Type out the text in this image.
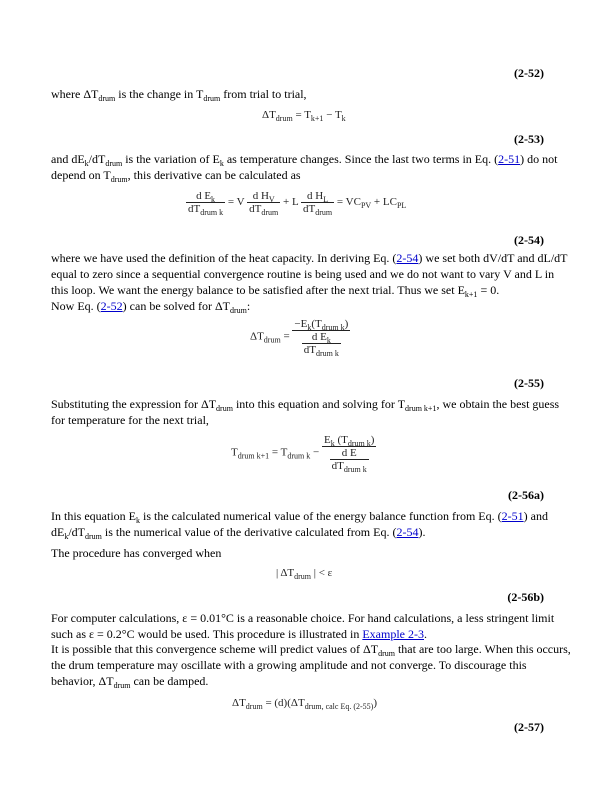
(2-52)
where $\Delta T_{drum}$ is the change in $T_{drum}$ from trial to trial,
$\Delta T_{drum} = T_{k+1} - T_k$
(2-53)
and $dE_k/dT_{drum}$ is the variation of $E_k$ as temperature changes. Since the last two terms in Eq. (2-51) do not depend on $T_{drum}$, this derivative can be calculated as
$\frac{d E_k}{dT_{drum k}} = V \frac{d H_V}{dT_{drum}} + L \frac{d H_L}{dT_{drum}} = VC_{PV} + LC_{PL}$
(2-54)
where we have used the definition of the heat capacity. In deriving Eq. (2-54) we set both dV/dT and dL/dT equal to zero since a sequential convergence routine is being used and we do not want to vary V and L in this loop. We want the energy balance to be satisfied after the next trial. Thus we set $E_{k+1} = 0$.
Now Eq. (2-52) can be solved for $\Delta T_{drum}$:
$\Delta T_{drum} = \frac{-E_k(T_{drum k})}{\frac{d E_k}{dT_{drum k}}}$
(2-55)
Substituting the expression for $\Delta T_{drum}$ into this equation and solving for $T_{drum k+1}$, we obtain the best guess for temperature for the next trial,
$T_{drum k+1} = T_{drum k} - \frac{E_k (T_{drum k})}{\frac{\text{d E}}{dT_{drum k}}}$
(2-56a)
In this equation $E_k$ is the calculated numerical value of the energy balance function from Eq. (2-51) and $dE_k/dT_{drum}$ is the numerical value of the derivative calculated from Eq. (2-54).
The procedure has converged when
| $\Delta T_{drum}$ | < ε
(2-56b)
For computer calculations, ε = 0.01°C is a reasonable choice. For hand calculations, a less stringent limit such as ε = 0.2°C would be used. This procedure is illustrated in Example 2-3.
It is possible that this convergence scheme will predict values of $\Delta T_{drum}$ that are too large. When this occurs, the drum temperature may oscillate with a growing amplitude and not converge. To discourage this behavior, $\Delta T_{drum}$ can be damped.
$\Delta T_{drum} = (d)(\Delta T_{drum, calc Eq. (2-55)})$
(2-57)
